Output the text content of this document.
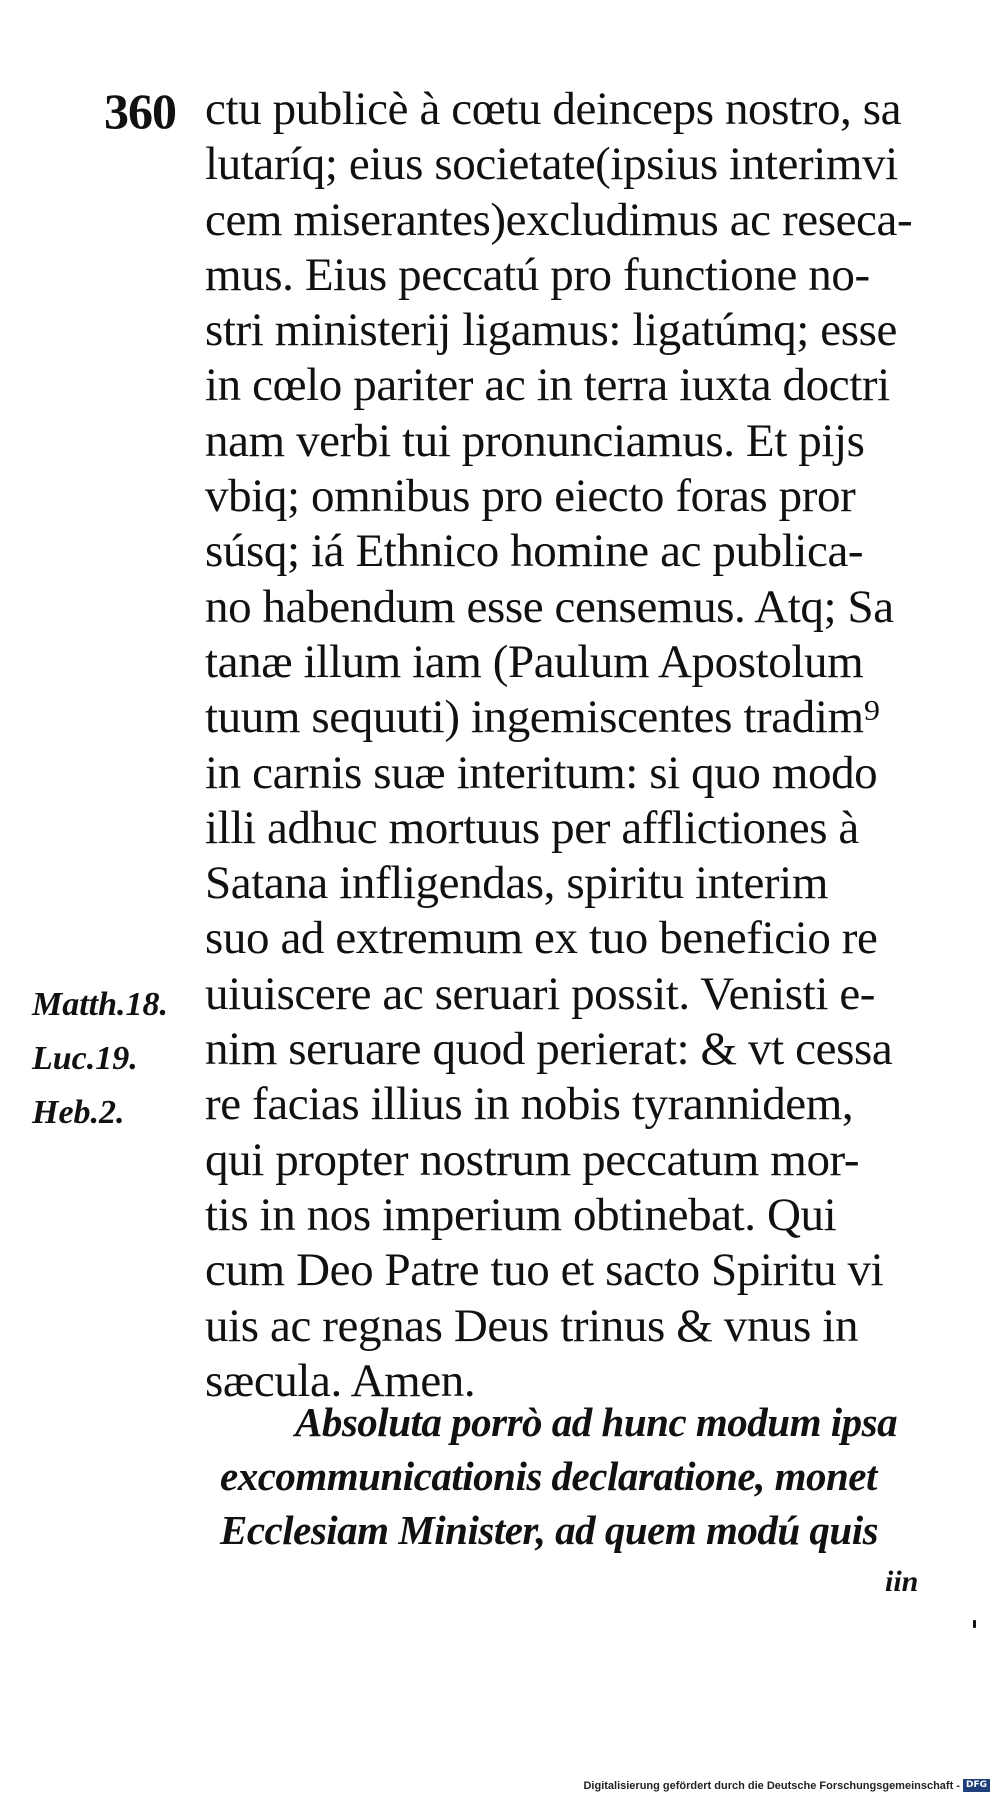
360 ctu publicè à cœtu deinceps nostro, sa
lutaríq; eius societate(ipsius interimvi
cem miserantes)excludimus ac reseca-
mus. Eius peccatú pro functione no-
stri ministerij ligamus: ligatúmq; esse
in cœlo pariter ac in terra iuxta doctri
nam verbi tui pronunciamus. Et pijs
vbiq; omnibus pro eiecto foras pror
súsq; iá Ethnico homine ac publica-
no habendum esse censemus. Atq; Sa
tanæ illum iam (Paulum Apostolum
tuum sequuti) ingemiscentes tradim⁹
in carnis suæ interitum: si quo modo
illi adhuc mortuus per afflictiones à
Satana infligendas, spiritu interim
suo ad extremum ex tuo beneficio re
uiuiscere ac seruari possit. Venisti e-
nim seruare quod perierat: & vt cessa
re facias illius in nobis tyrannidem,
qui propter nostrum peccatum mor-
tis in nos imperium obtinebat. Qui
cum Deo Patre tuo et sacto Spiritu vi
uis ac regnas Deus trinus & vnus in
sæcula. Amen.
Matth.18.
Luc.19.
Heb.2.
Absoluta porrò ad hunc modum ipsa
excommunicationis declaratione, monet
Ecclesiam Minister, ad quem modú quis
iin
Digitalisierung gefördert durch die Deutsche Forschungsgemeinschaft - DFG
